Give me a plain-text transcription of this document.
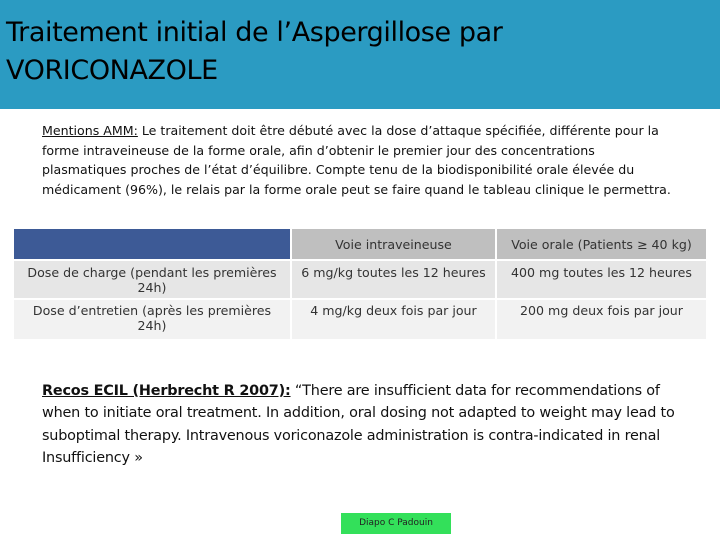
Traitement initial de l’Aspergillose par VORICONAZOLE
Mentions AMM: Le traitement doit être débuté avec la dose d’attaque spécifiée, différente pour la forme intraveineuse de la forme orale, afin d’obtenir le premier jour des concentrations plasmatiques proches de l’état d’équilibre. Compte tenu de la biodisponibilité orale élevée du médicament (96%), le relais par la forme orale peut se faire quand le tableau clinique le permettra.
	Voie intraveineuse	Voie orale (Patients ≥ 40 kg)
Dose de charge (pendant les premières 24h)	6 mg/kg toutes les 12 heures	400 mg toutes les 12 heures
Dose d’entretien (après les premières 24h)	4 mg/kg deux fois par jour	200 mg deux fois par jour
Recos ECIL (Herbrecht R 2007): “There are insufficient data for recommendations of when to initiate oral treatment. In addition, oral dosing not adapted to weight may lead to suboptimal therapy. Intravenous voriconazole administration is contra-indicated in renal Insufficiency »
Diapo C Padouin
